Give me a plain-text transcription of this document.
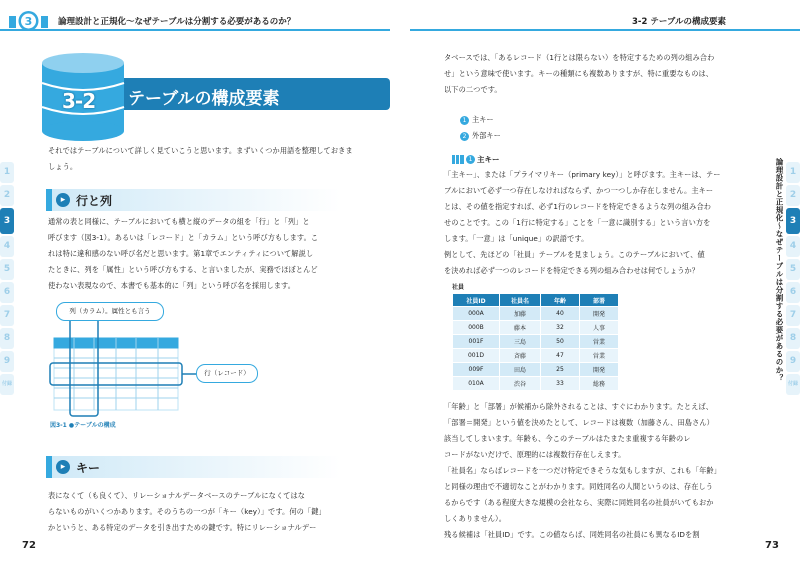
3	論理設計と正規化～なぜテーブルは分割する必要があるのか？
3-2 テーブルの構成要素
それではテーブルについて詳しく見ていこうと思います。まずいくつか用語を整理しておきましょう。
▸ 行と列

通常の表と同様に、テーブルにおいても横と縦のデータの組を「行」と「列」と

呼びます（図3-1）。あるいは「レコード」と「カラム」という呼び方もします。こ

れは特に違和感のない呼び名だと思います。第1章でエンティティについて解説し

たときに、列を「属性」という呼び方もする、と言いましたが、実務でほぼとんど

使わない表現なので、本書でも基本的に「列」という呼び名を採用します。

列（カラム）。属性とも言う
行（レコード）
図3-1 ●テーブルの構成
▸ キー

表になくて（も良くて）、リレーショナルデータベースのテーブルになくてはな

らないものがいくつかあります。そのうちの一つが「キー（key）」です。何の「鍵」

かというと、ある特定のデータを引き出すための鍵です。特にリレーショナルデー

72
1
2
3
4
5
6
7
8
9
付録
3-2 テーブルの構成要素

タベースでは、「あるレコード（1行とは限らない）を特定するための列の組み合わ

せ」という意味で使います。キーの種類にも複数ありますが、特に重要なものは、

以下の二つです。

1 主キー
2 外部キー
1 主キー

「主キー」、または「プライマリキー（primary key）」と呼びます。主キーは、テー

ブルにおいて必ず一つ存在しなければならず、かつ一つしか存在しません。主キー

とは、その値を指定すれば、必ず1行のレコードを特定できるような列の組み合わ

せのことです。この「1行に特定する」ことを「一意に識別する」という言い方を

します。「一意」は「unique」の訳語です。

例として、先ほどの「社員」テーブルを見ましょう。このテーブルにおいて、値

を決めれば必ず一つのレコードを特定できる列の組み合わせは何でしょうか？

社員
社員ID	社員名	年齢	部署
000A	加藤	40	開発
000B	藤本	32	人事
001F	三島	50	営業
001D	斉藤	47	営業
009F	田島	25	開発
010A	渋谷	33	総務

「年齢」と「部署」が候補から除外されることは、すぐにわかります。たとえば、

「部署＝開発」という値を決めたとして、レコードは複数（加藤さん、田島さん）

該当してしまいます。年齢も、今このテーブルはたまたま重複する年齢のレ

コードがないだけで、原理的には複数行存在しえます。

「社員名」ならばレコードを一つだけ特定できそうな気もしますが、これも「年齢」

と同様の理由で不適切なことがわかります。同姓同名の人間というのは、存在しう

るからです（ある程度大きな規模の会社なら、実際に同姓同名の社員がいてもおか

しくありません）。

残る候補は「社員ID」です。この値ならば、同姓同名の社員にも異なるIDを割

73
論理設計と正規化～なぜテーブルは分割する必要があるのか？ 1
2
3
4
5
6
7
8
9
付録
